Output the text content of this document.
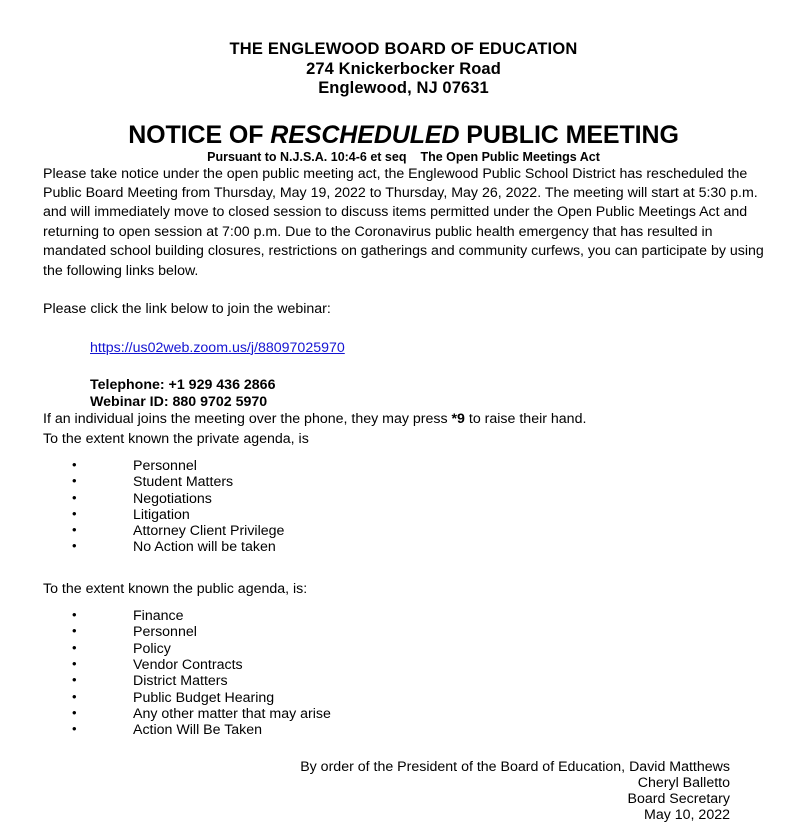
THE ENGLEWOOD BOARD OF EDUCATION
274 Knickerbocker Road
Englewood, NJ 07631
NOTICE OF RESCHEDULED PUBLIC MEETING
Pursuant to N.J.S.A. 10:4-6 et seq The Open Public Meetings Act

Please take notice under the open public meeting act, the Englewood Public School District has rescheduled the Public Board Meeting from Thursday, May 19, 2022 to Thursday, May 26, 2022. The meeting will start at 5:30 p.m. and will immediately move to closed session to discuss items permitted under the Open Public Meetings Act and returning to open session at 7:00 p.m. Due to the Coronavirus public health emergency that has resulted in mandated school building closures, restrictions on gatherings and community curfews, you can participate by using the following links below.

Please click the link below to join the webinar:

https://us02web.zoom.us/j/88097025970
Telephone: +1 929 436 2866
Webinar ID: 880 9702 5970

If an individual joins the meeting over the phone, they may press *9 to raise their hand.

To the extent known the private agenda, is

• Personnel
• Student Matters
• Negotiations
• Litigation
• Attorney Client Privilege
• No Action will be taken

To the extent known the public agenda, is:

• Finance
• Personnel
• Policy
• Vendor Contracts
• District Matters
• Public Budget Hearing
• Any other matter that may arise
• Action Will Be Taken
By order of the President of the Board of Education, David Matthews
Cheryl Balletto
Board Secretary
May 10, 2022
